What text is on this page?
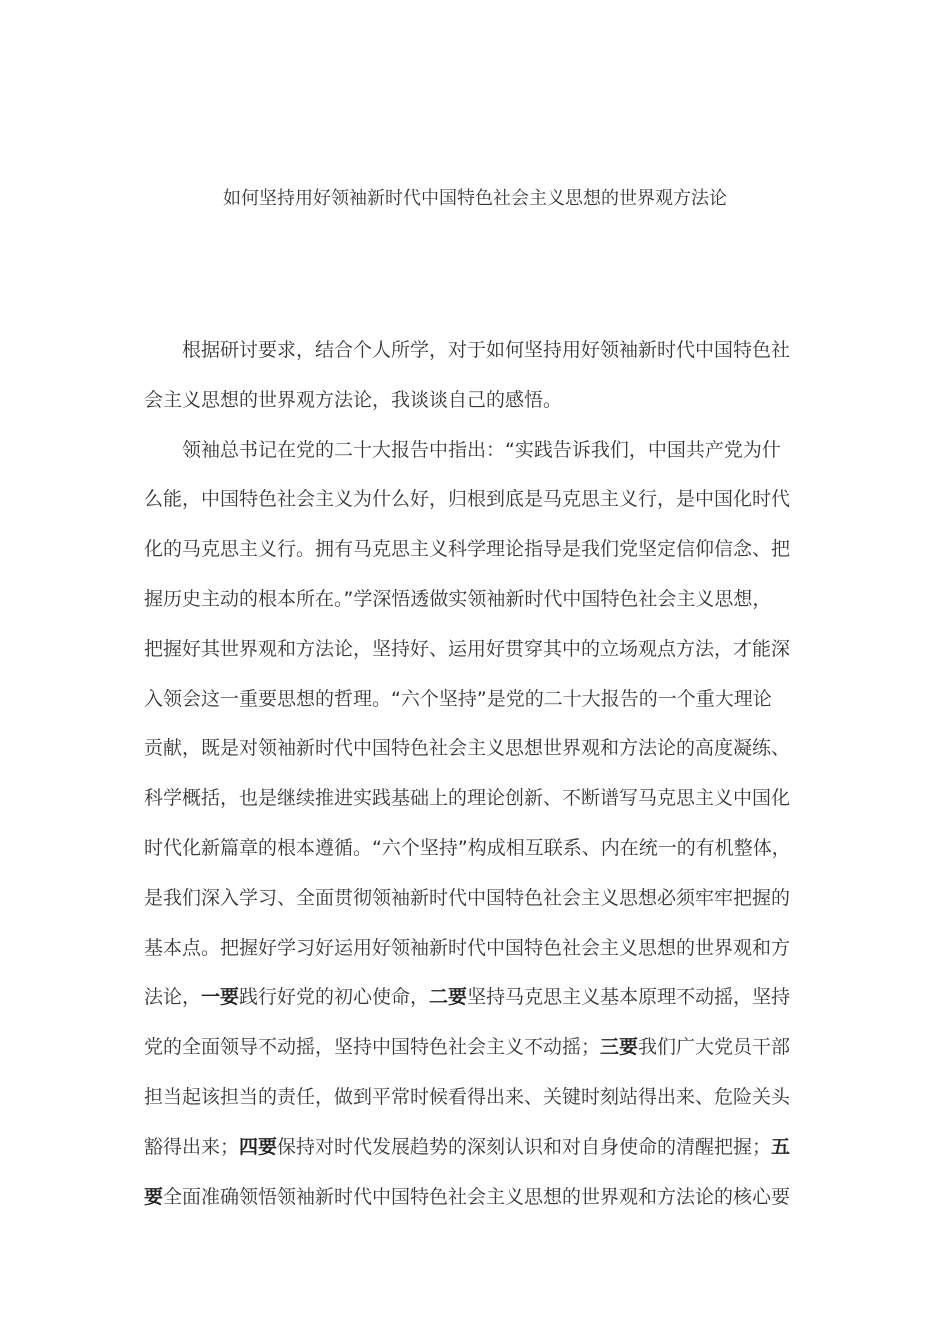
如何坚持用好领袖新时代中国特色社会主义思想的世界观方法论
根据研讨要求，结合个人所学，对于如何坚持用好领袖新时代中国特色社
会主义思想的世界观方法论，我谈谈自己的感悟。
领袖总书记在党的二十大报告中指出：“实践告诉我们，中国共产党为什
么能，中国特色社会主义为什么好，归根到底是马克思主义行，是中国化时代
化的马克思主义行。拥有马克思主义科学理论指导是我们党坚定信仰信念、把
握历史主动的根本所在。”学深悟透做实领袖新时代中国特色社会主义思想，
把握好其世界观和方法论，坚持好、运用好贯穿其中的立场观点方法，才能深
入领会这一重要思想的哲理。“六个坚持”是党的二十大报告的一个重大理论
贡献，既是对领袖新时代中国特色社会主义思想世界观和方法论的高度凝练、
科学概括，也是继续推进实践基础上的理论创新、不断谱写马克思主义中国化
时代化新篇章的根本遵循。“六个坚持”构成相互联系、内在统一的有机整体，
是我们深入学习、全面贯彻领袖新时代中国特色社会主义思想必须牢牢把握的
基本点。把握好学习好运用好领袖新时代中国特色社会主义思想的世界观和方
法论，一要践行好党的初心使命，二要坚持马克思主义基本原理不动摇，坚持
党的全面领导不动摇，坚持中国特色社会主义不动摇；三要我们广大党员干部
担当起该担当的责任，做到平常时候看得出来、关键时刻站得出来、危险关头
豁得出来；四要保持对时代发展趋势的深刻认识和对自身使命的清醒把握；五
要全面准确领悟领袖新时代中国特色社会主义思想的世界观和方法论的核心要
